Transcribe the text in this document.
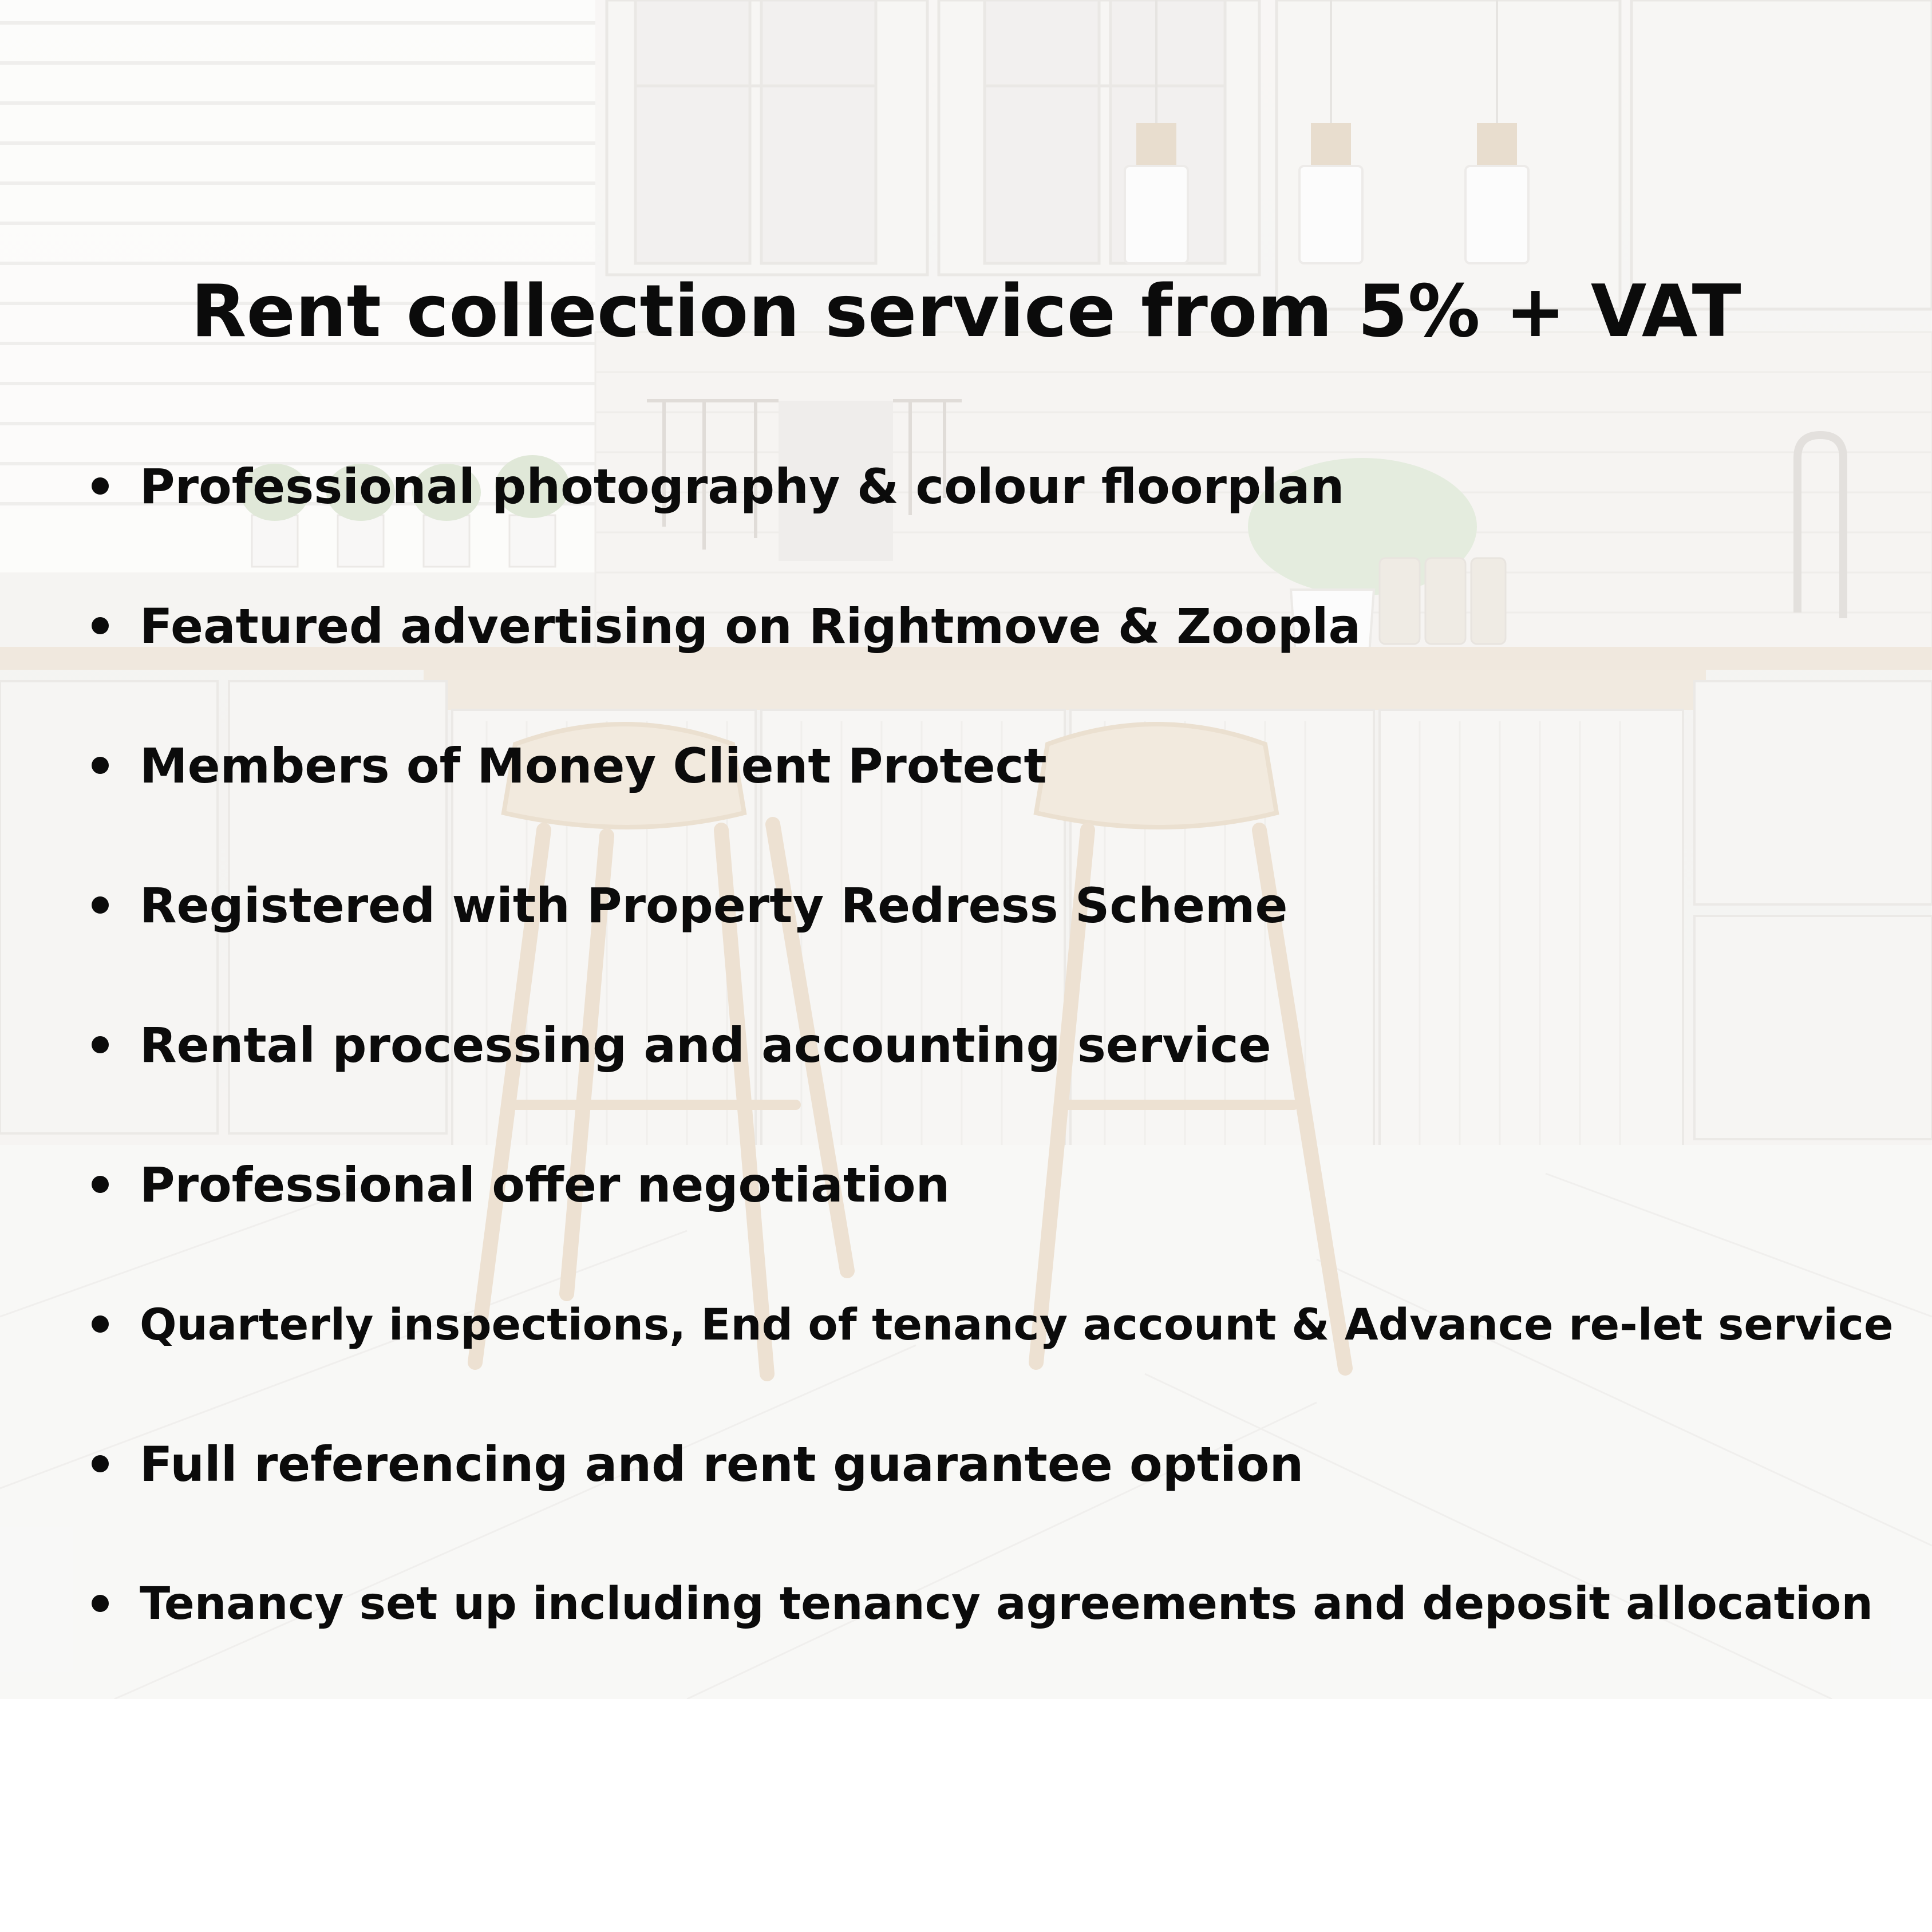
Rent collection service from 5% + VAT
Professional photography & colour floorplan
Featured advertising on Rightmove & Zoopla
Members of Money Client Protect
Registered with Property Redress Scheme
Rental processing and accounting service
Professional offer negotiation
Quarterly inspections, End of tenancy account & Advance re-let service
Full referencing and rent guarantee option
Tenancy set up including tenancy agreements and deposit allocation
